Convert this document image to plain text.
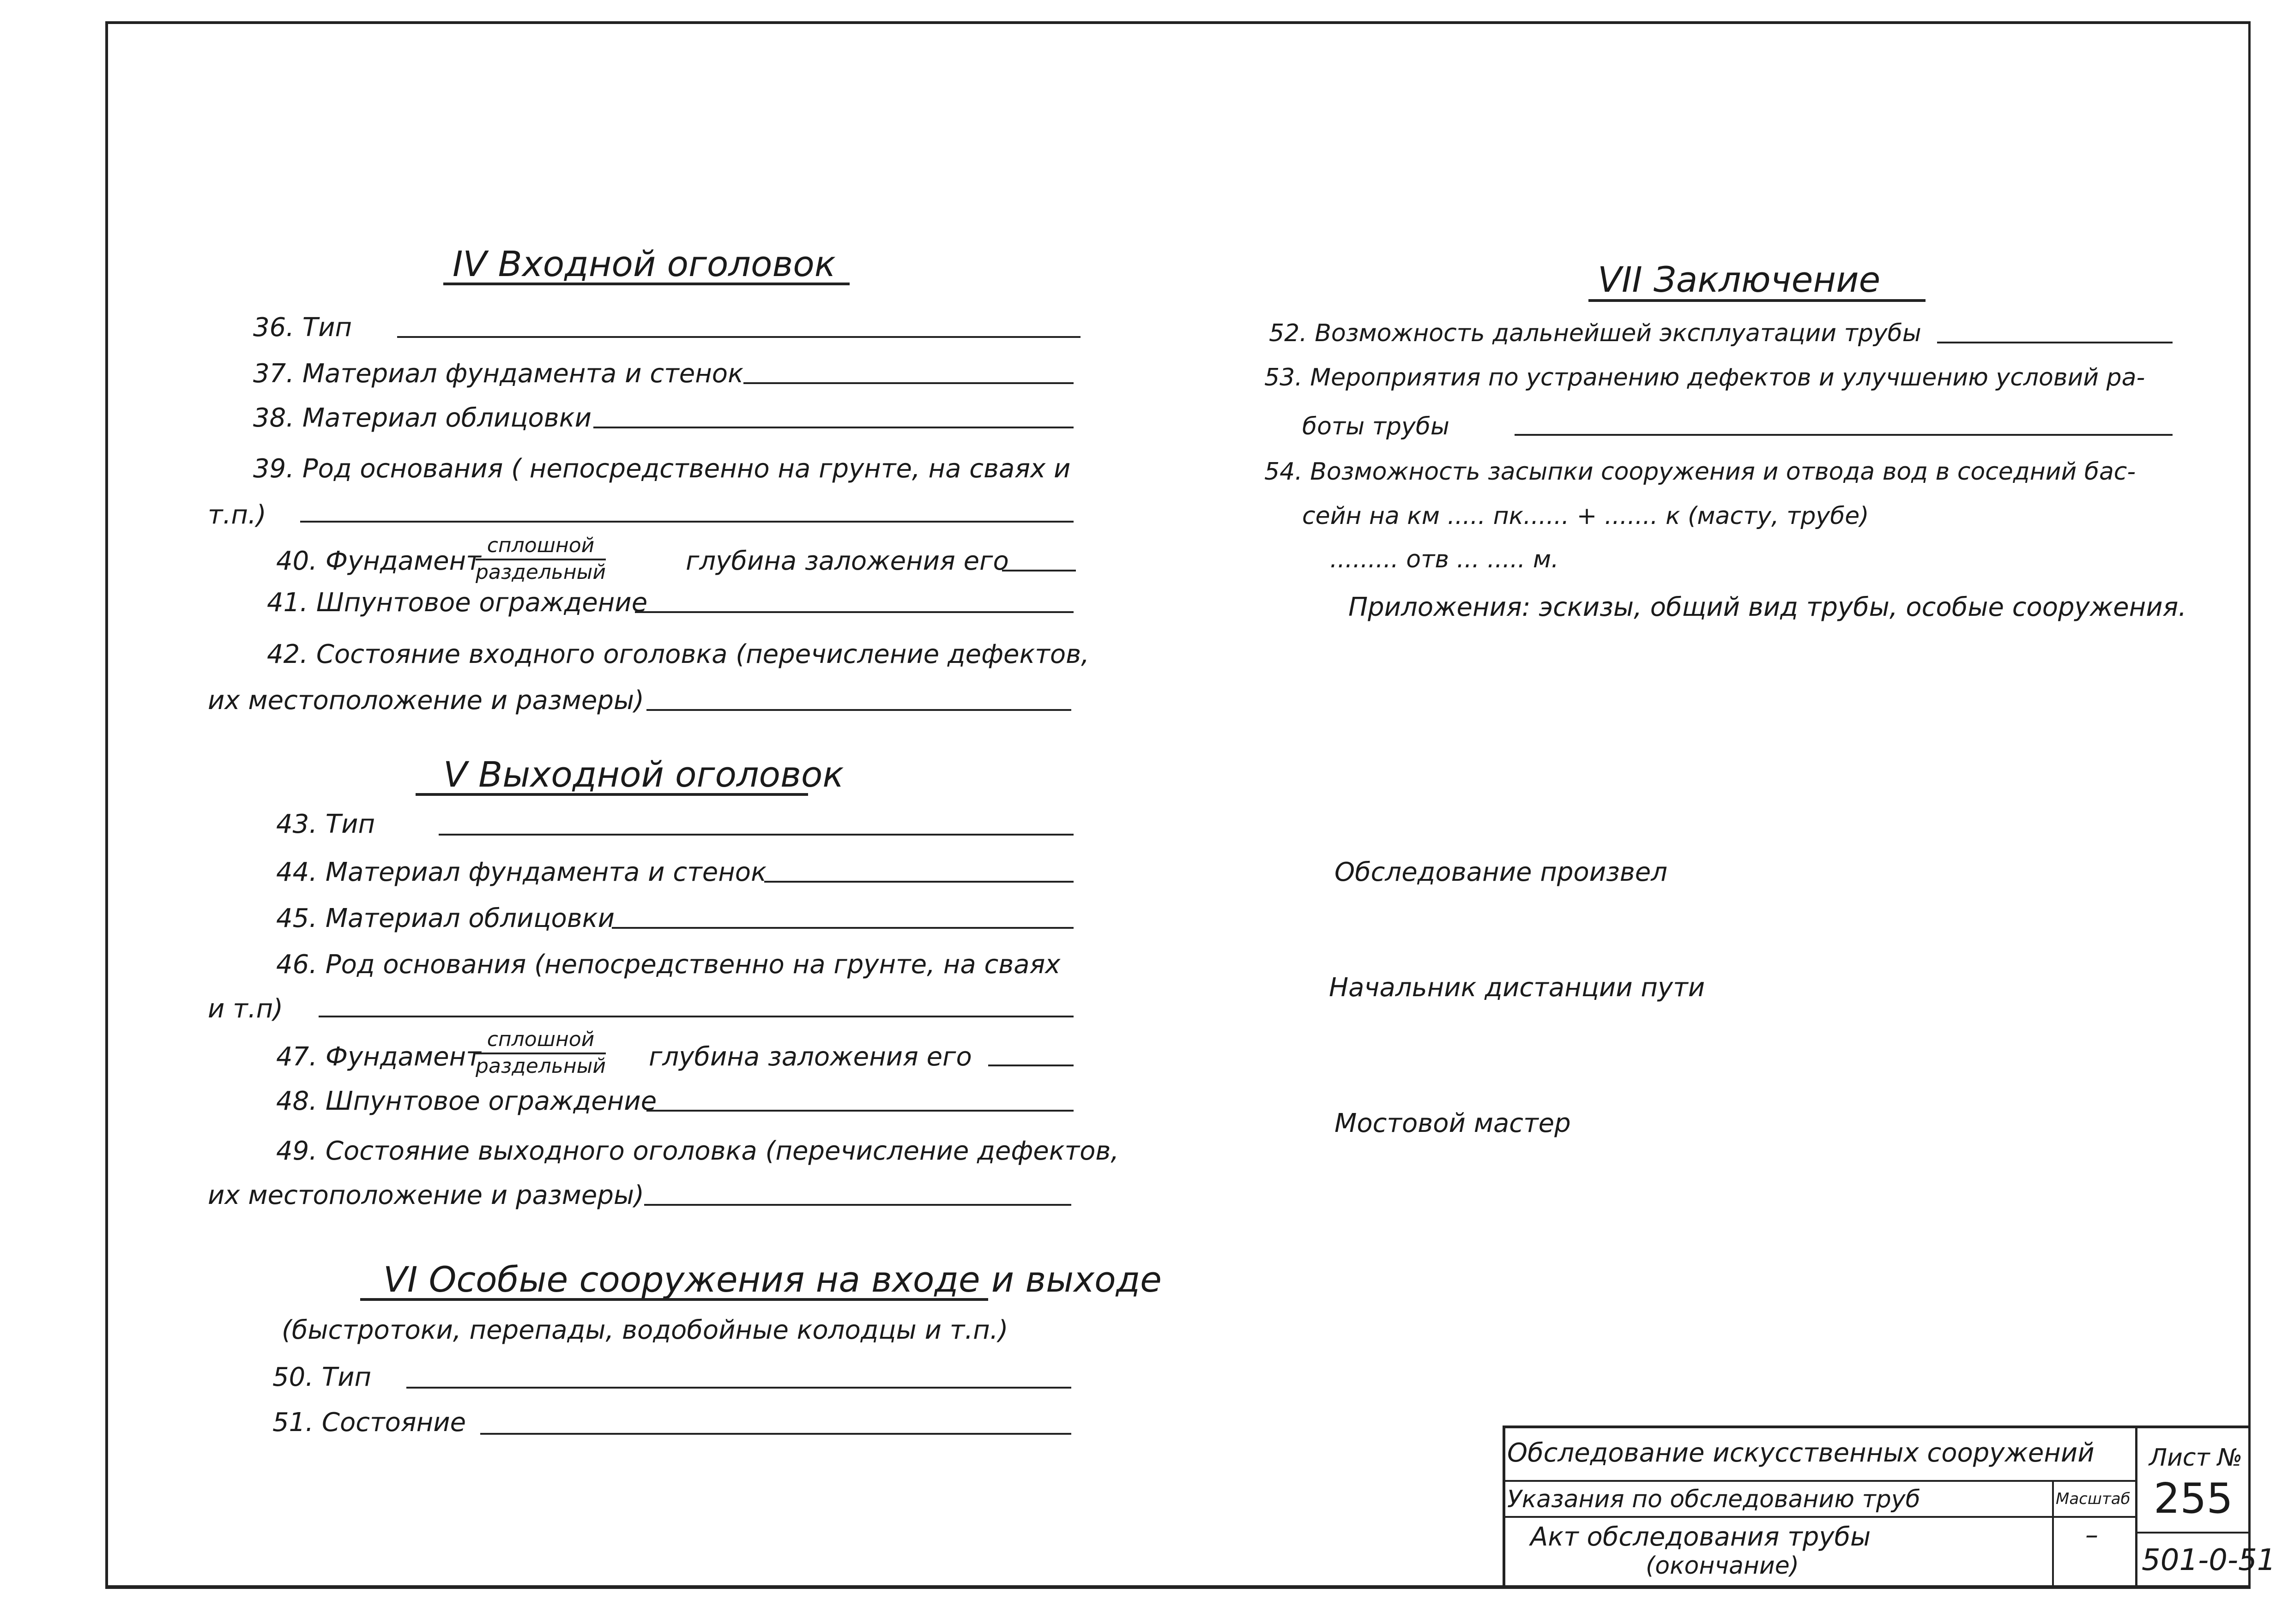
IV Входной оголовок
36. Тип
37. Материал фундамента и стенок
38. Материал облицовки
39. Род основания ( непосредственно на грунте, на сваях и
т.п.)
40. Фундамент
сплошной
раздельный	глубина заложения его
41. Шпунтовое ограждение
42. Состояние входного оголовка (перечисление дефектов,
их местоположение и размеры)
V Выходной оголовок
43. Тип
44. Материал фундамента и стенок
45. Материал облицовки
46. Род основания (непосредственно на грунте, на сваях
и т.п)
47. Фундамент
сплошной
раздельный глубина заложения его
48. Шпунтовое ограждение
49. Состояние выходного оголовка (перечисление дефектов,
их местоположение и размеры)
VI Особые сооружения на входе и выходе
(быстротоки, перепады, водобойные колодцы и т.п.)
50. Тип
51. Состояние
VII Заключение
52. Возможность дальнейшей эксплуатации трубы
53. Мероприятия по устранению дефектов и улучшению условий ра-
боты трубы
54. Возможность засыпки сооружения и отвода вод в соседний бас-
сейн на км ..... пк...... + ....... к (масту, трубе)
......... отв ... ..... м.
Приложения: эскизы, общий вид трубы, особые сооружения.
Обследование произвел
Начальник дистанции пути
Мостовой мастер
Обследование искусственных сооружений
Указания по обследованию труб
Акт обследования трубы
(окончание)
Масштаб
–
Лист №
255
501-0-51
